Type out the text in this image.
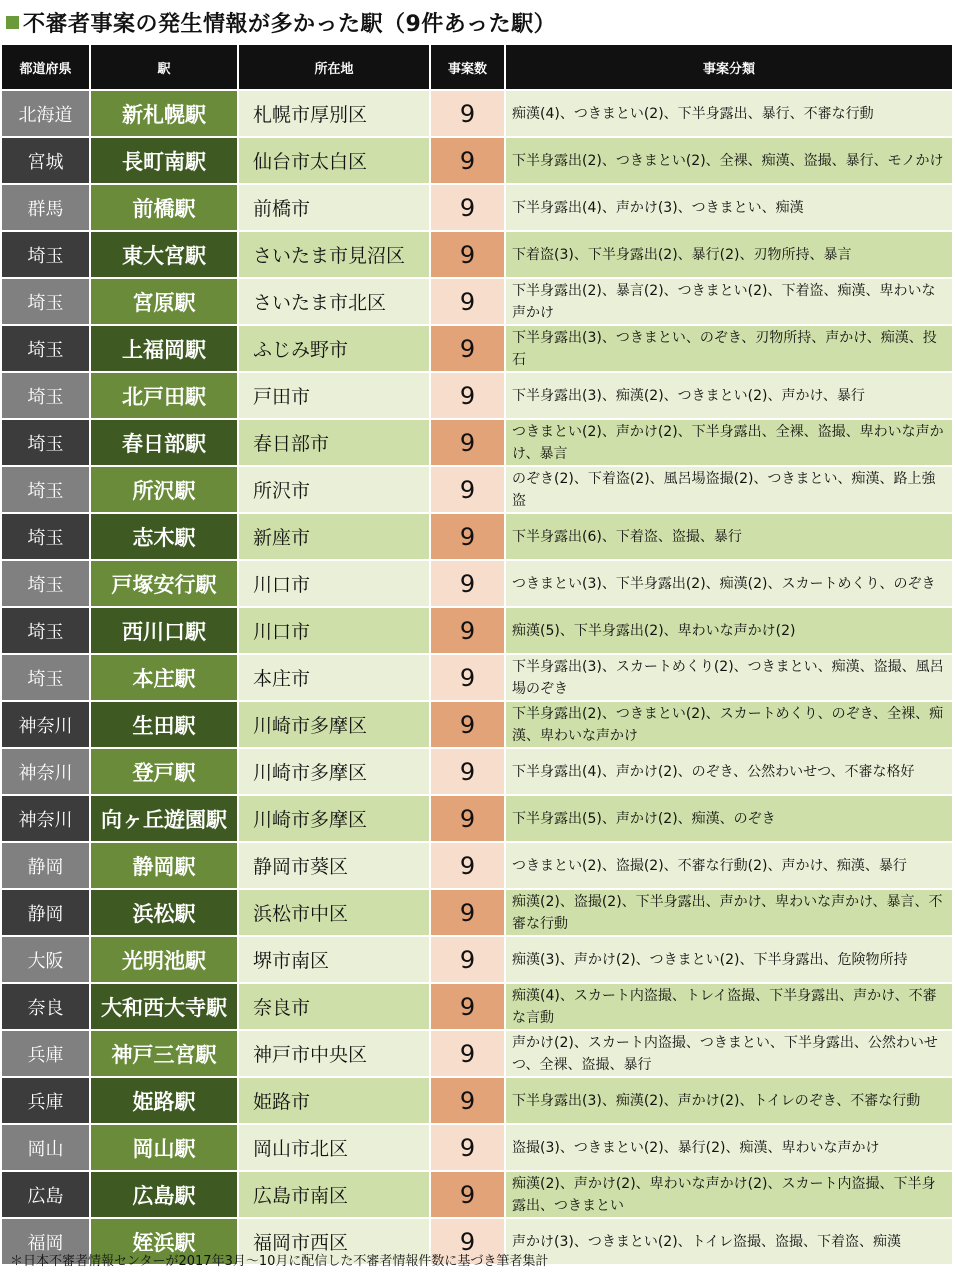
不審者事案の発生情報が多かった駅（9件あった駅）
都道府県	駅	所在地	事案数	事案分類
北海道	新札幌駅	札幌市厚別区	9	痴漢(4)、つきまとい(2)、下半身露出、暴行、不審な行動
宮城	長町南駅	仙台市太白区	9	下半身露出(2)、つきまとい(2)、全裸、痴漢、盗撮、暴行、モノかけ
群馬	前橋駅	前橋市	9	下半身露出(4)、声かけ(3)、つきまとい、痴漢
埼玉	東大宮駅	さいたま市見沼区	9	下着盗(3)、下半身露出(2)、暴行(2)、刃物所持、暴言
埼玉	宮原駅	さいたま市北区	9	下半身露出(2)、暴言(2)、つきまとい(2)、下着盗、痴漢、卑わいな声かけ
埼玉	上福岡駅	ふじみ野市	9	下半身露出(3)、つきまとい、のぞき、刃物所持、声かけ、痴漢、投石
埼玉	北戸田駅	戸田市	9	下半身露出(3)、痴漢(2)、つきまとい(2)、声かけ、暴行
埼玉	春日部駅	春日部市	9	つきまとい(2)、声かけ(2)、下半身露出、全裸、盗撮、卑わいな声かけ、暴言
埼玉	所沢駅	所沢市	9	のぞき(2)、下着盗(2)、風呂場盗撮(2)、つきまとい、痴漢、路上強盗
埼玉	志木駅	新座市	9	下半身露出(6)、下着盗、盗撮、暴行
埼玉	戸塚安行駅	川口市	9	つきまとい(3)、下半身露出(2)、痴漢(2)、スカートめくり、のぞき
埼玉	西川口駅	川口市	9	痴漢(5)、下半身露出(2)、卑わいな声かけ(2)
埼玉	本庄駅	本庄市	9	下半身露出(3)、スカートめくり(2)、つきまとい、痴漢、盗撮、風呂場のぞき
神奈川	生田駅	川崎市多摩区	9	下半身露出(2)、つきまとい(2)、スカートめくり、のぞき、全裸、痴漢、卑わいな声かけ
神奈川	登戸駅	川崎市多摩区	9	下半身露出(4)、声かけ(2)、のぞき、公然わいせつ、不審な格好
神奈川	向ヶ丘遊園駅	川崎市多摩区	9	下半身露出(5)、声かけ(2)、痴漢、のぞき
静岡	静岡駅	静岡市葵区	9	つきまとい(2)、盗撮(2)、不審な行動(2)、声かけ、痴漢、暴行
静岡	浜松駅	浜松市中区	9	痴漢(2)、盗撮(2)、下半身露出、声かけ、卑わいな声かけ、暴言、不審な行動
大阪	光明池駅	堺市南区	9	痴漢(3)、声かけ(2)、つきまとい(2)、下半身露出、危険物所持
奈良	大和西大寺駅	奈良市	9	痴漢(4)、スカート内盗撮、トレイ盗撮、下半身露出、声かけ、不審な言動
兵庫	神戸三宮駅	神戸市中央区	9	声かけ(2)、スカート内盗撮、つきまとい、下半身露出、公然わいせつ、全裸、盗撮、暴行
兵庫	姫路駅	姫路市	9	下半身露出(3)、痴漢(2)、声かけ(2)、トイレのぞき、不審な行動
岡山	岡山駅	岡山市北区	9	盗撮(3)、つきまとい(2)、暴行(2)、痴漢、卑わいな声かけ
広島	広島駅	広島市南区	9	痴漢(2)、声かけ(2)、卑わいな声かけ(2)、スカート内盗撮、下半身露出、つきまとい
福岡	姪浜駅	福岡市西区	9	声かけ(3)、つきまとい(2)、トイレ盗撮、盗撮、下着盗、痴漢
＊日本不審者情報センターが2017年3月～10月に配信した不審者情報件数に基づき筆者集計
